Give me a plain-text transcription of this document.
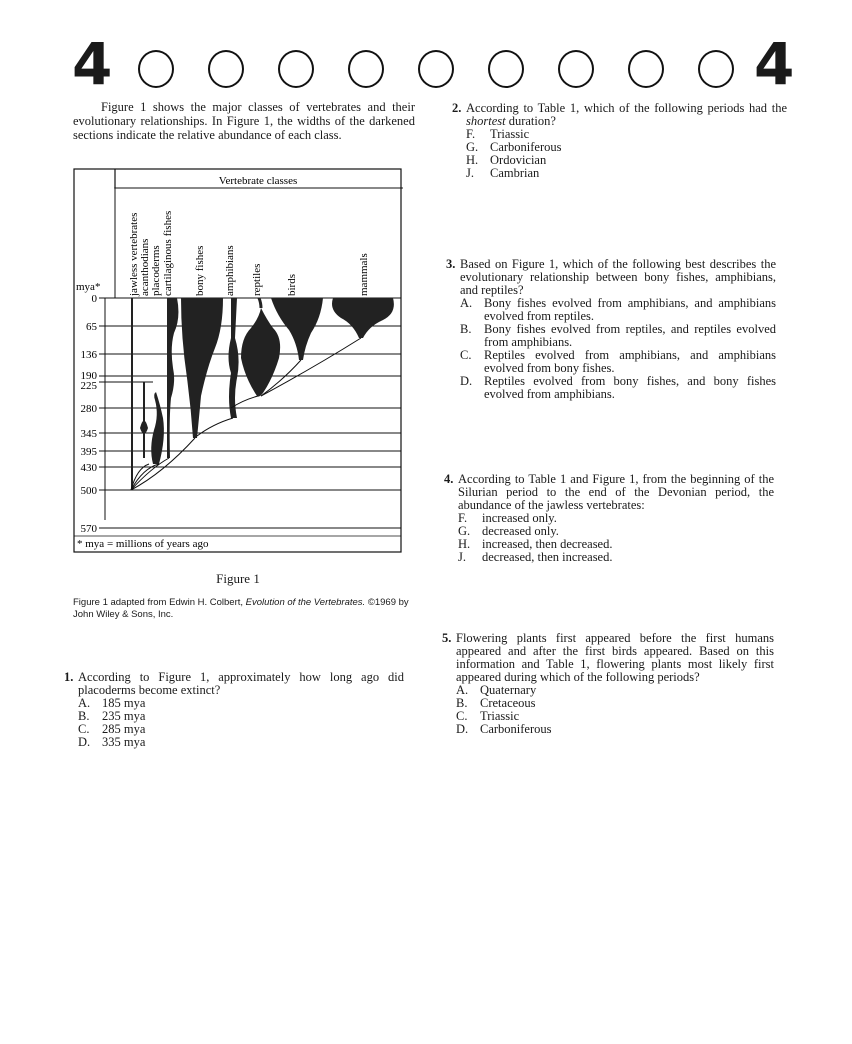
4	4
Figure 1 shows the major classes of vertebrates and their evolutionary relationships. In Figure 1, the widths of the darkened sections indicate the relative abundance of each class.
Vertebrate classes
mya*
0
65
136
190
225
280
345
395
430
500
570
jawless vertebrates acanthodians placoderms cartilaginous fishes bony fishes amphibians reptiles birds	mammals
* mya = millions of years ago
Figure 1
Figure 1 adapted from Edwin H. Colbert, Evolution of the Vertebrates. ©1969 by John Wiley & Sons, Inc.
1. According to Figure 1, approximately how long ago did placoderms become extinct?
A. 185 mya
B.	235 mya
C.	285 mya
D. 335 mya
2. According to Table 1, which of the following periods had the shortest duration?
F.	Triassic
G. Carboniferous
H. Ordovician
J.	Cambrian
3. Based on Figure 1, which of the following best describes the evolutionary relationship between bony fishes, amphibians, and reptiles?
A. Bony fishes evolved from amphibians, and amphibians evolved from reptiles.
B.	Bony fishes evolved from reptiles, and reptiles evolved from amphibians.
C.	Reptiles evolved from amphibians, and amphibians evolved from bony fishes.
D. Reptiles evolved from bony fishes, and bony fishes evolved from amphibians.
4. According to Table 1 and Figure 1, from the beginning of the Silurian period to the end of the Devonian period, the abundance of the jawless vertebrates:
F.	increased only.
G. decreased only.
H. increased, then decreased.
J.	decreased, then increased.
5. Flowering plants first appeared before the first humans appeared and after the first birds appeared. Based on this information and Table 1, flowering plants most likely first appeared during which of the following periods?
A. Quaternary
B.	Cretaceous
C.	Triassic
D. Carboniferous
